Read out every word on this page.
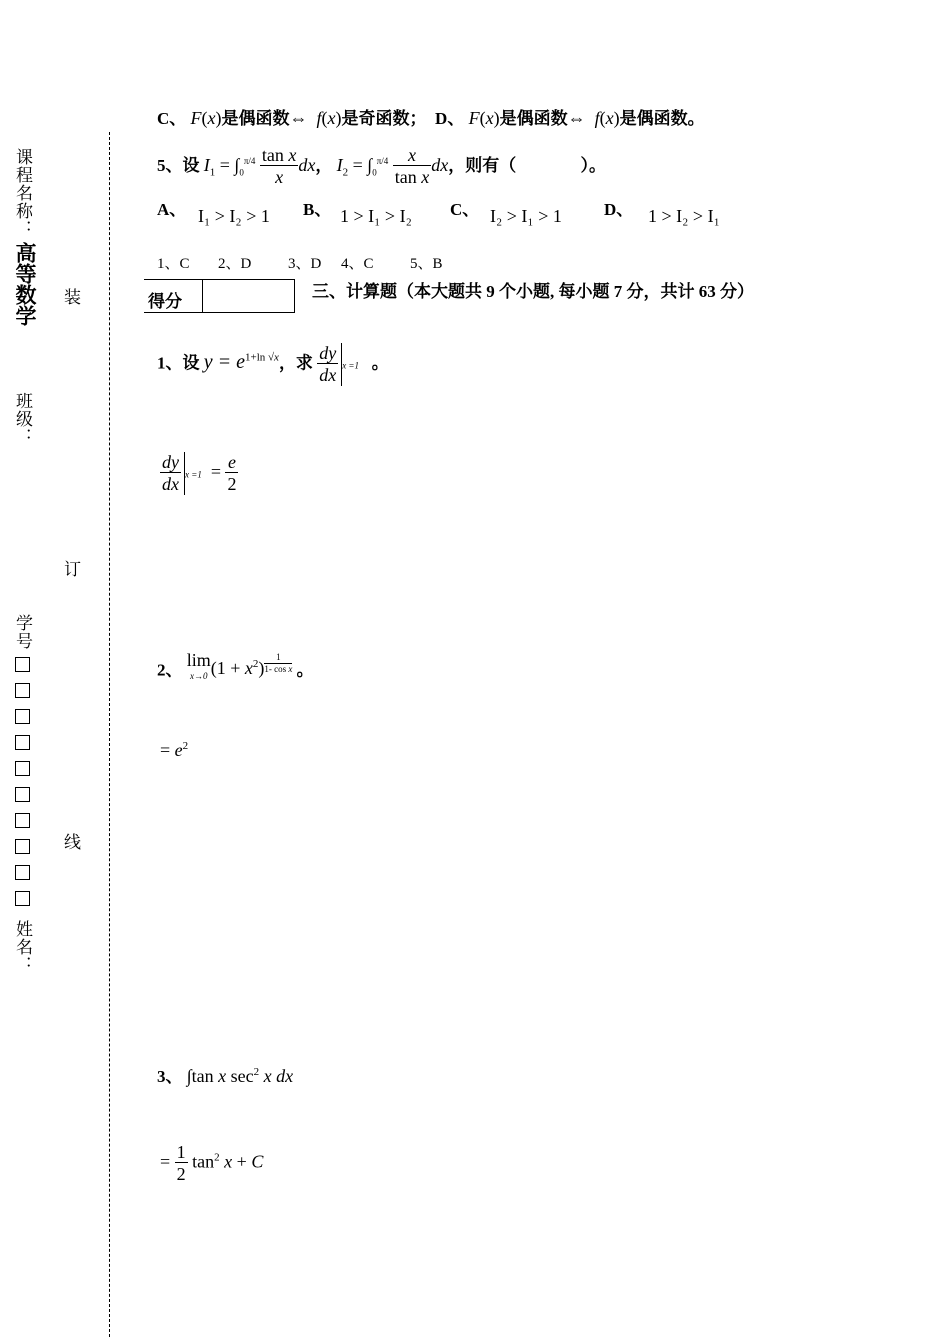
课程名称：
高等数学
班级：
学号
姓名：
装
订
线
C、 F(x)是偶函数⇔  f(x)是奇函数； D、 F(x)是偶函数⇔  f(x)是偶函数。
5、设 $I_1 = \int_0^{\pi/4} \frac{\text{tan x}}{x}$ dx， $I_2 = \int_0^{\pi/4} \frac{x}{\text{tan x}}$ dx，则有（	）。
A、 I₁ > I₂ > 1 B、 1 > I₁ > I₂ C、 I₂ > I₁ > 1 D、 1 > I₂ > I₁
1、C 2、D 3、D 4、C 5、B
得分
三、计算题（本大题共 9 个小题, 每小题 7 分，共计 63 分）
1、设 $y = e^{1+ln √x}$，求 $\frac{dy}{dx}$ x =1 。
$\frac{dy}{dx}$ $x =1 = \frac{e}{2}$
2、 lim
x→0 $(1 + x^2) \frac{1}{\text{1- cos x}}$ 。
= $e^2$
3、 ∫tan x $\sec^2 x$ dx
= $\frac{1}{2} \tan^2 x + C$
